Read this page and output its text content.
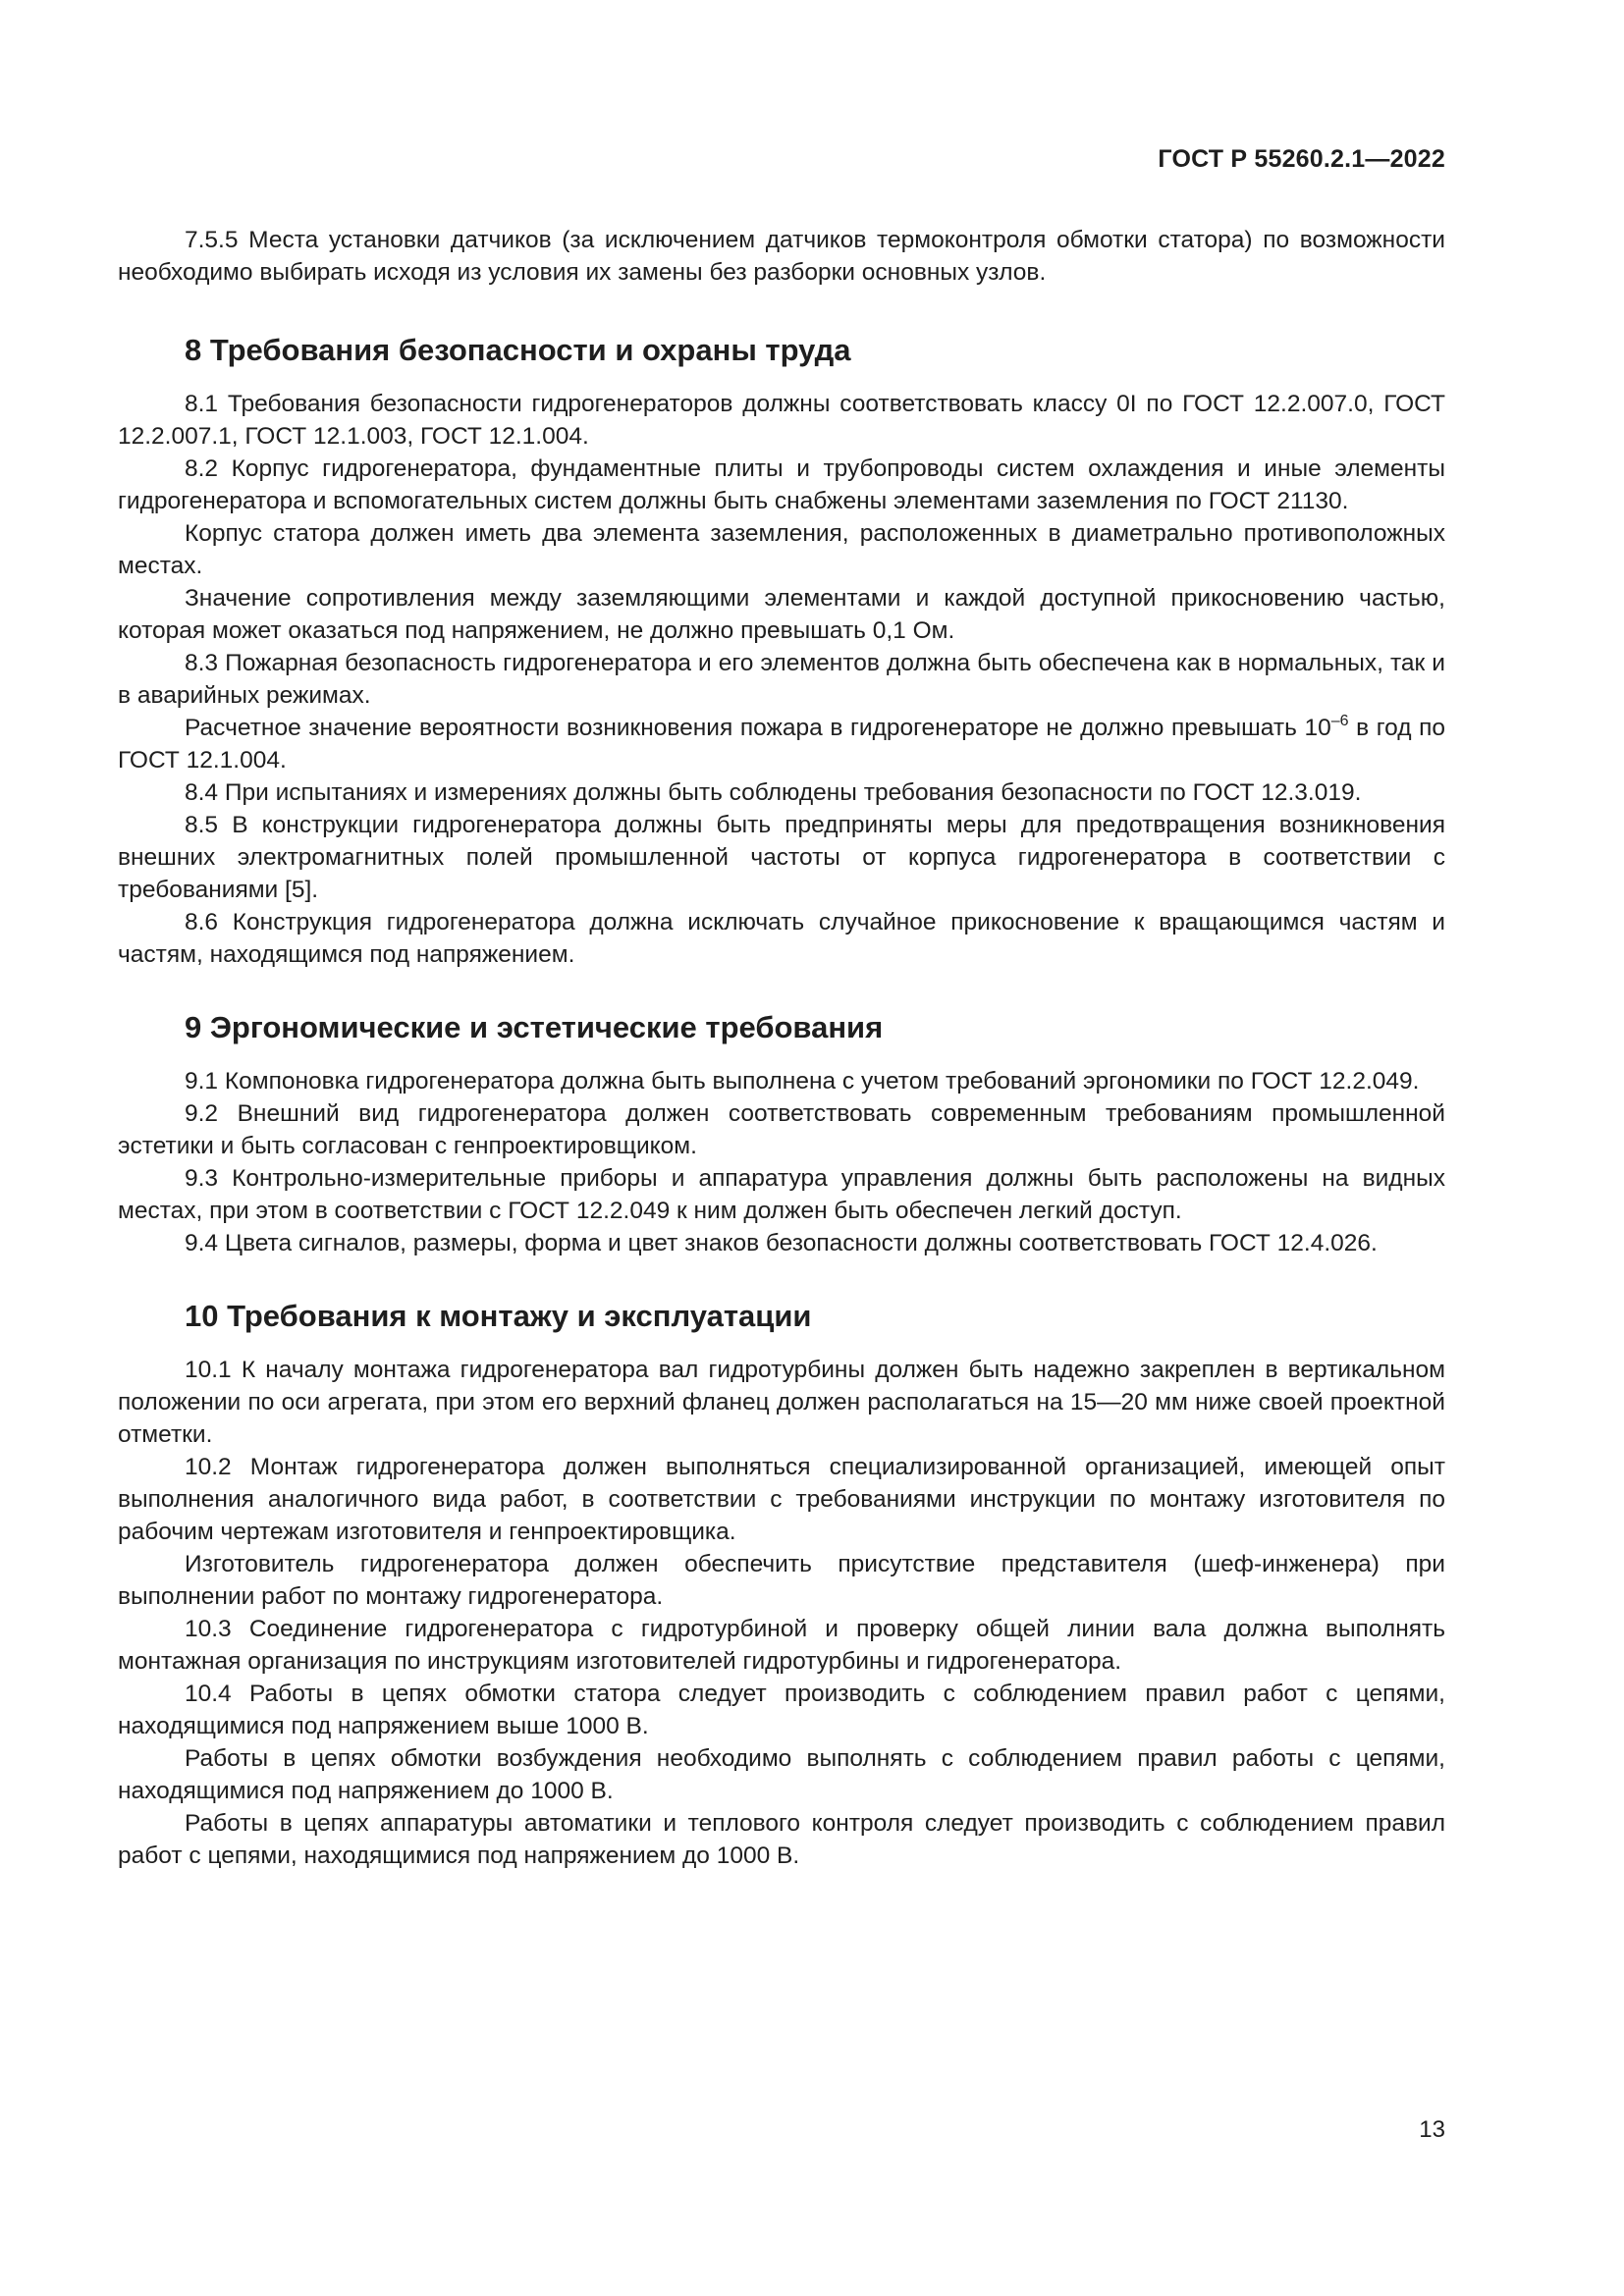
ГОСТ Р 55260.2.1—2022

7.5.5 Места установки датчиков (за исключением датчиков термоконтроля обмотки статора) по возможности необходимо выбирать исходя из условия их замены без разборки основных узлов.

8 Требования безопасности и охраны труда

8.1 Требования безопасности гидрогенераторов должны соответствовать классу 0I по ГОСТ 12.2.007.0, ГОСТ 12.2.007.1, ГОСТ 12.1.003, ГОСТ 12.1.004.

8.2 Корпус гидрогенератора, фундаментные плиты и трубопроводы систем охлаждения и иные элементы гидрогенератора и вспомогательных систем должны быть снабжены элементами заземления по ГОСТ 21130.

Корпус статора должен иметь два элемента заземления, расположенных в диаметрально противоположных местах.

Значение сопротивления между заземляющими элементами и каждой доступной прикосновению частью, которая может оказаться под напряжением, не должно превышать 0,1 Ом.

8.3 Пожарная безопасность гидрогенератора и его элементов должна быть обеспечена как в нормальных, так и в аварийных режимах.

Расчетное значение вероятности возникновения пожара в гидрогенераторе не должно превышать $10^{-6}$ в год по ГОСТ 12.1.004.

8.4 При испытаниях и измерениях должны быть соблюдены требования безопасности по ГОСТ 12.3.019.

8.5 В конструкции гидрогенератора должны быть предприняты меры для предотвращения возникновения внешних электромагнитных полей промышленной частоты от корпуса гидрогенератора в соответствии с требованиями [5].

8.6 Конструкция гидрогенератора должна исключать случайное прикосновение к вращающимся частям и частям, находящимся под напряжением.

9 Эргономические и эстетические требования

9.1 Компоновка гидрогенератора должна быть выполнена с учетом требований эргономики по ГОСТ 12.2.049.

9.2 Внешний вид гидрогенератора должен соответствовать современным требованиям промышленной эстетики и быть согласован с генпроектировщиком.

9.3 Контрольно-измерительные приборы и аппаратура управления должны быть расположены на видных местах, при этом в соответствии с ГОСТ 12.2.049 к ним должен быть обеспечен легкий доступ.

9.4 Цвета сигналов, размеры, форма и цвет знаков безопасности должны соответствовать ГОСТ 12.4.026.

10 Требования к монтажу и эксплуатации

10.1 К началу монтажа гидрогенератора вал гидротурбины должен быть надежно закреплен в вертикальном положении по оси агрегата, при этом его верхний фланец должен располагаться на 15—20 мм ниже своей проектной отметки.

10.2 Монтаж гидрогенератора должен выполняться специализированной организацией, имеющей опыт выполнения аналогичного вида работ, в соответствии с требованиями инструкции по монтажу изготовителя по рабочим чертежам изготовителя и генпроектировщика.

Изготовитель гидрогенератора должен обеспечить присутствие представителя (шеф-инженера) при выполнении работ по монтажу гидрогенератора.

10.3 Соединение гидрогенератора с гидротурбиной и проверку общей линии вала должна выполнять монтажная организация по инструкциям изготовителей гидротурбины и гидрогенератора.

10.4 Работы в цепях обмотки статора следует производить с соблюдением правил работ с цепями, находящимися под напряжением выше 1000 В.

Работы в цепях обмотки возбуждения необходимо выполнять с соблюдением правил работы с цепями, находящимися под напряжением до 1000 В.

Работы в цепях аппаратуры автоматики и теплового контроля следует производить с соблюдением правил работ с цепями, находящимися под напряжением до 1000 В.

13
